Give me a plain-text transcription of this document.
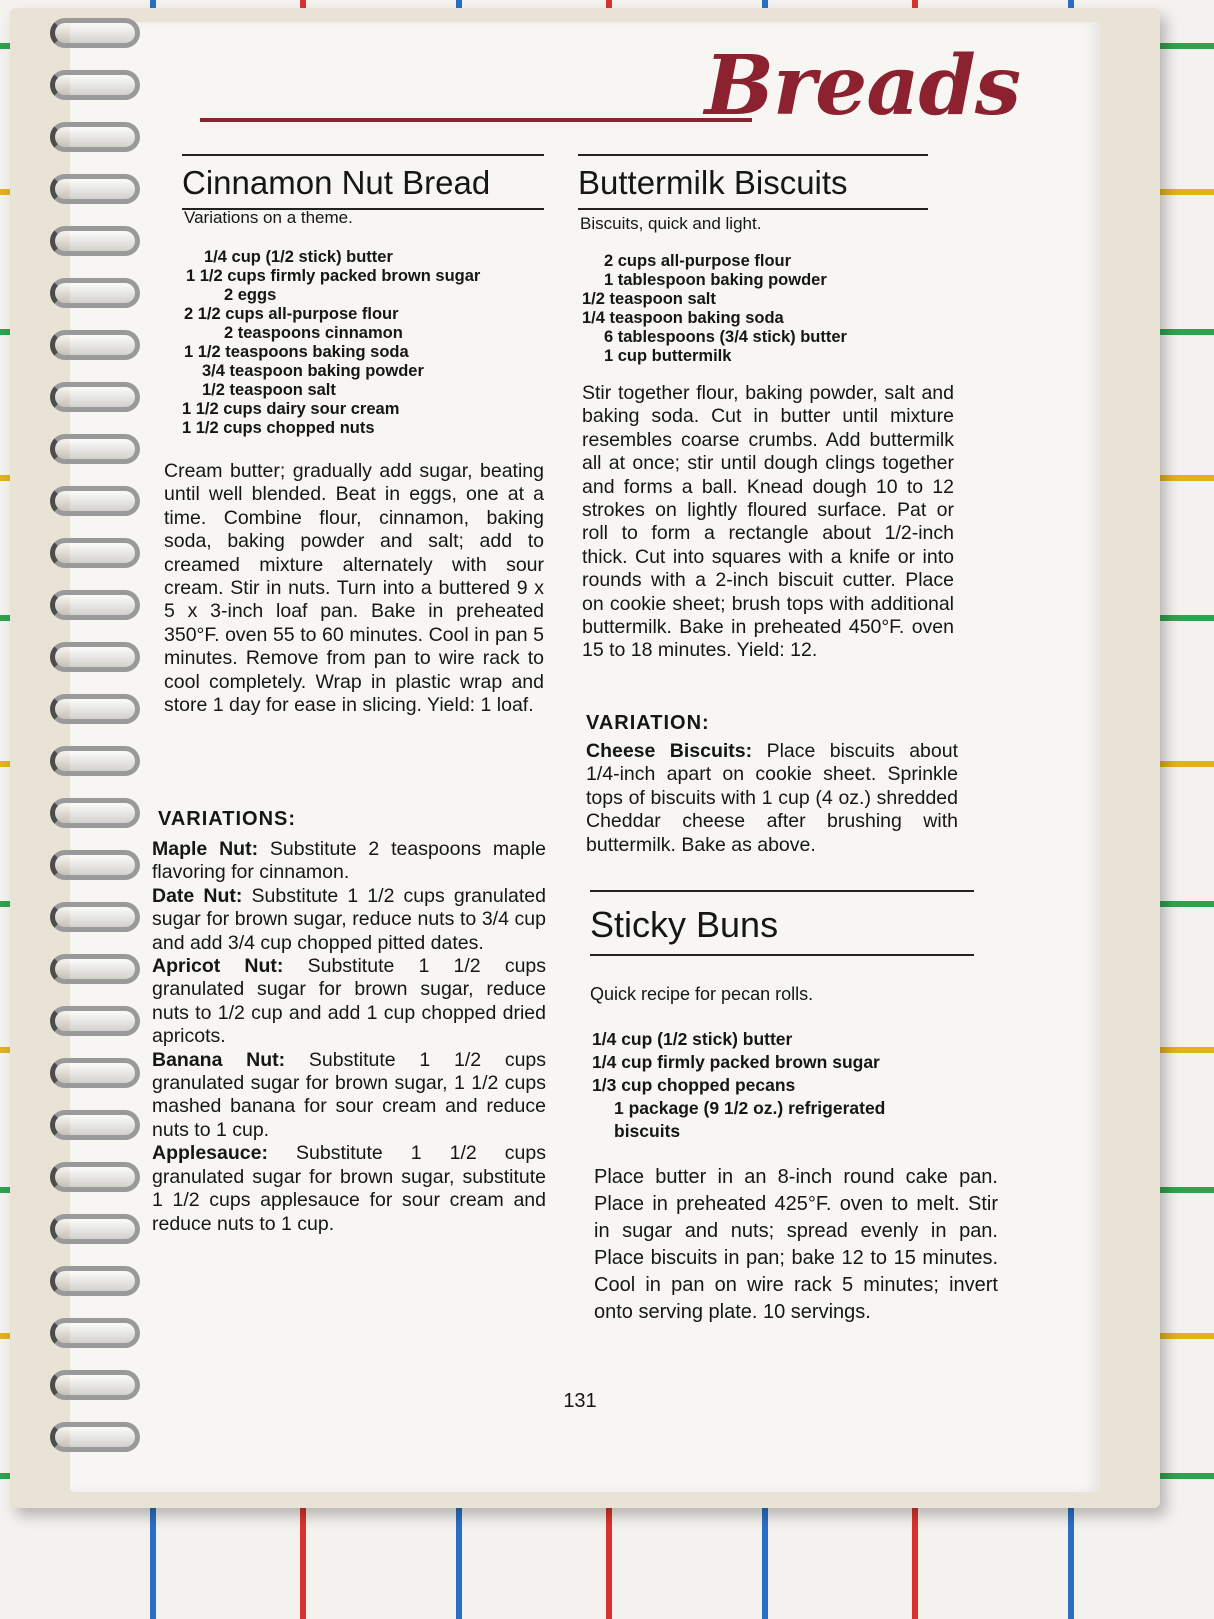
Breads
Cinnamon Nut Bread
Variations on a theme.
1/4 cup (1/2 stick) butter
1 1/2 cups firmly packed brown sugar
2 eggs
2 1/2 cups all-purpose flour
2 teaspoons cinnamon
1 1/2 teaspoons baking soda
3/4 teaspoon baking powder
1/2 teaspoon salt
1 1/2 cups dairy sour cream
1 1/2 cups chopped nuts

Cream butter; gradually add sugar, beating until well blended. Beat in eggs, one at a time. Combine flour, cinnamon, baking soda, baking powder and salt; add to creamed mixture alternately with sour cream. Stir in nuts. Turn into a buttered 9 x 5 x 3-inch loaf pan. Bake in preheated 350°F. oven 55 to 60 minutes. Cool in pan 5 minutes. Remove from pan to wire rack to cool completely. Wrap in plastic wrap and store 1 day for ease in slicing. Yield: 1 loaf.

VARIATIONS:

Maple Nut: Substitute 2 teaspoons maple flavoring for cinnamon.

Date Nut: Substitute 1 1/2 cups granulated sugar for brown sugar, reduce nuts to 3/4 cup and add 3/4 cup chopped pitted dates.

Apricot Nut: Substitute 1 1/2 cups granulated sugar for brown sugar, reduce nuts to 1/2 cup and add 1 cup chopped dried apricots.

Banana Nut: Substitute 1 1/2 cups granulated sugar for brown sugar, 1 1/2 cups mashed banana for sour cream and reduce nuts to 1 cup.

Applesauce: Substitute 1 1/2 cups granulated sugar for brown sugar, substitute 1 1/2 cups applesauce for sour cream and reduce nuts to 1 cup.

Buttermilk Biscuits
Biscuits, quick and light.
2 cups all-purpose flour
1 tablespoon baking powder
1/2 teaspoon salt
1/4 teaspoon baking soda
6 tablespoons (3/4 stick) butter
1 cup buttermilk

Stir together flour, baking powder, salt and baking soda. Cut in butter until mixture resembles coarse crumbs. Add buttermilk all at once; stir until dough clings together and forms a ball. Knead dough 10 to 12 strokes on lightly floured surface. Pat or roll to form a rectangle about 1/2-inch thick. Cut into squares with a knife or into rounds with a 2-inch biscuit cutter. Place on cookie sheet; brush tops with additional buttermilk. Bake in preheated 450°F. oven 15 to 18 minutes. Yield: 12.

VARIATION:

Cheese Biscuits: Place biscuits about 1/4-inch apart on cookie sheet. Sprinkle tops of biscuits with 1 cup (4 oz.) shredded Cheddar cheese after brushing with buttermilk. Bake as above.

Sticky Buns
Quick recipe for pecan rolls.
1/4 cup (1/2 stick) butter
1/4 cup firmly packed brown sugar
1/3 cup chopped pecans
1 package (9 1/2 oz.) refrigerated biscuits

Place butter in an 8-inch round cake pan. Place in preheated 425°F. oven to melt. Stir in sugar and nuts; spread evenly in pan. Place biscuits in pan; bake 12 to 15 minutes. Cool in pan on wire rack 5 minutes; invert onto serving plate. 10 servings.

131
